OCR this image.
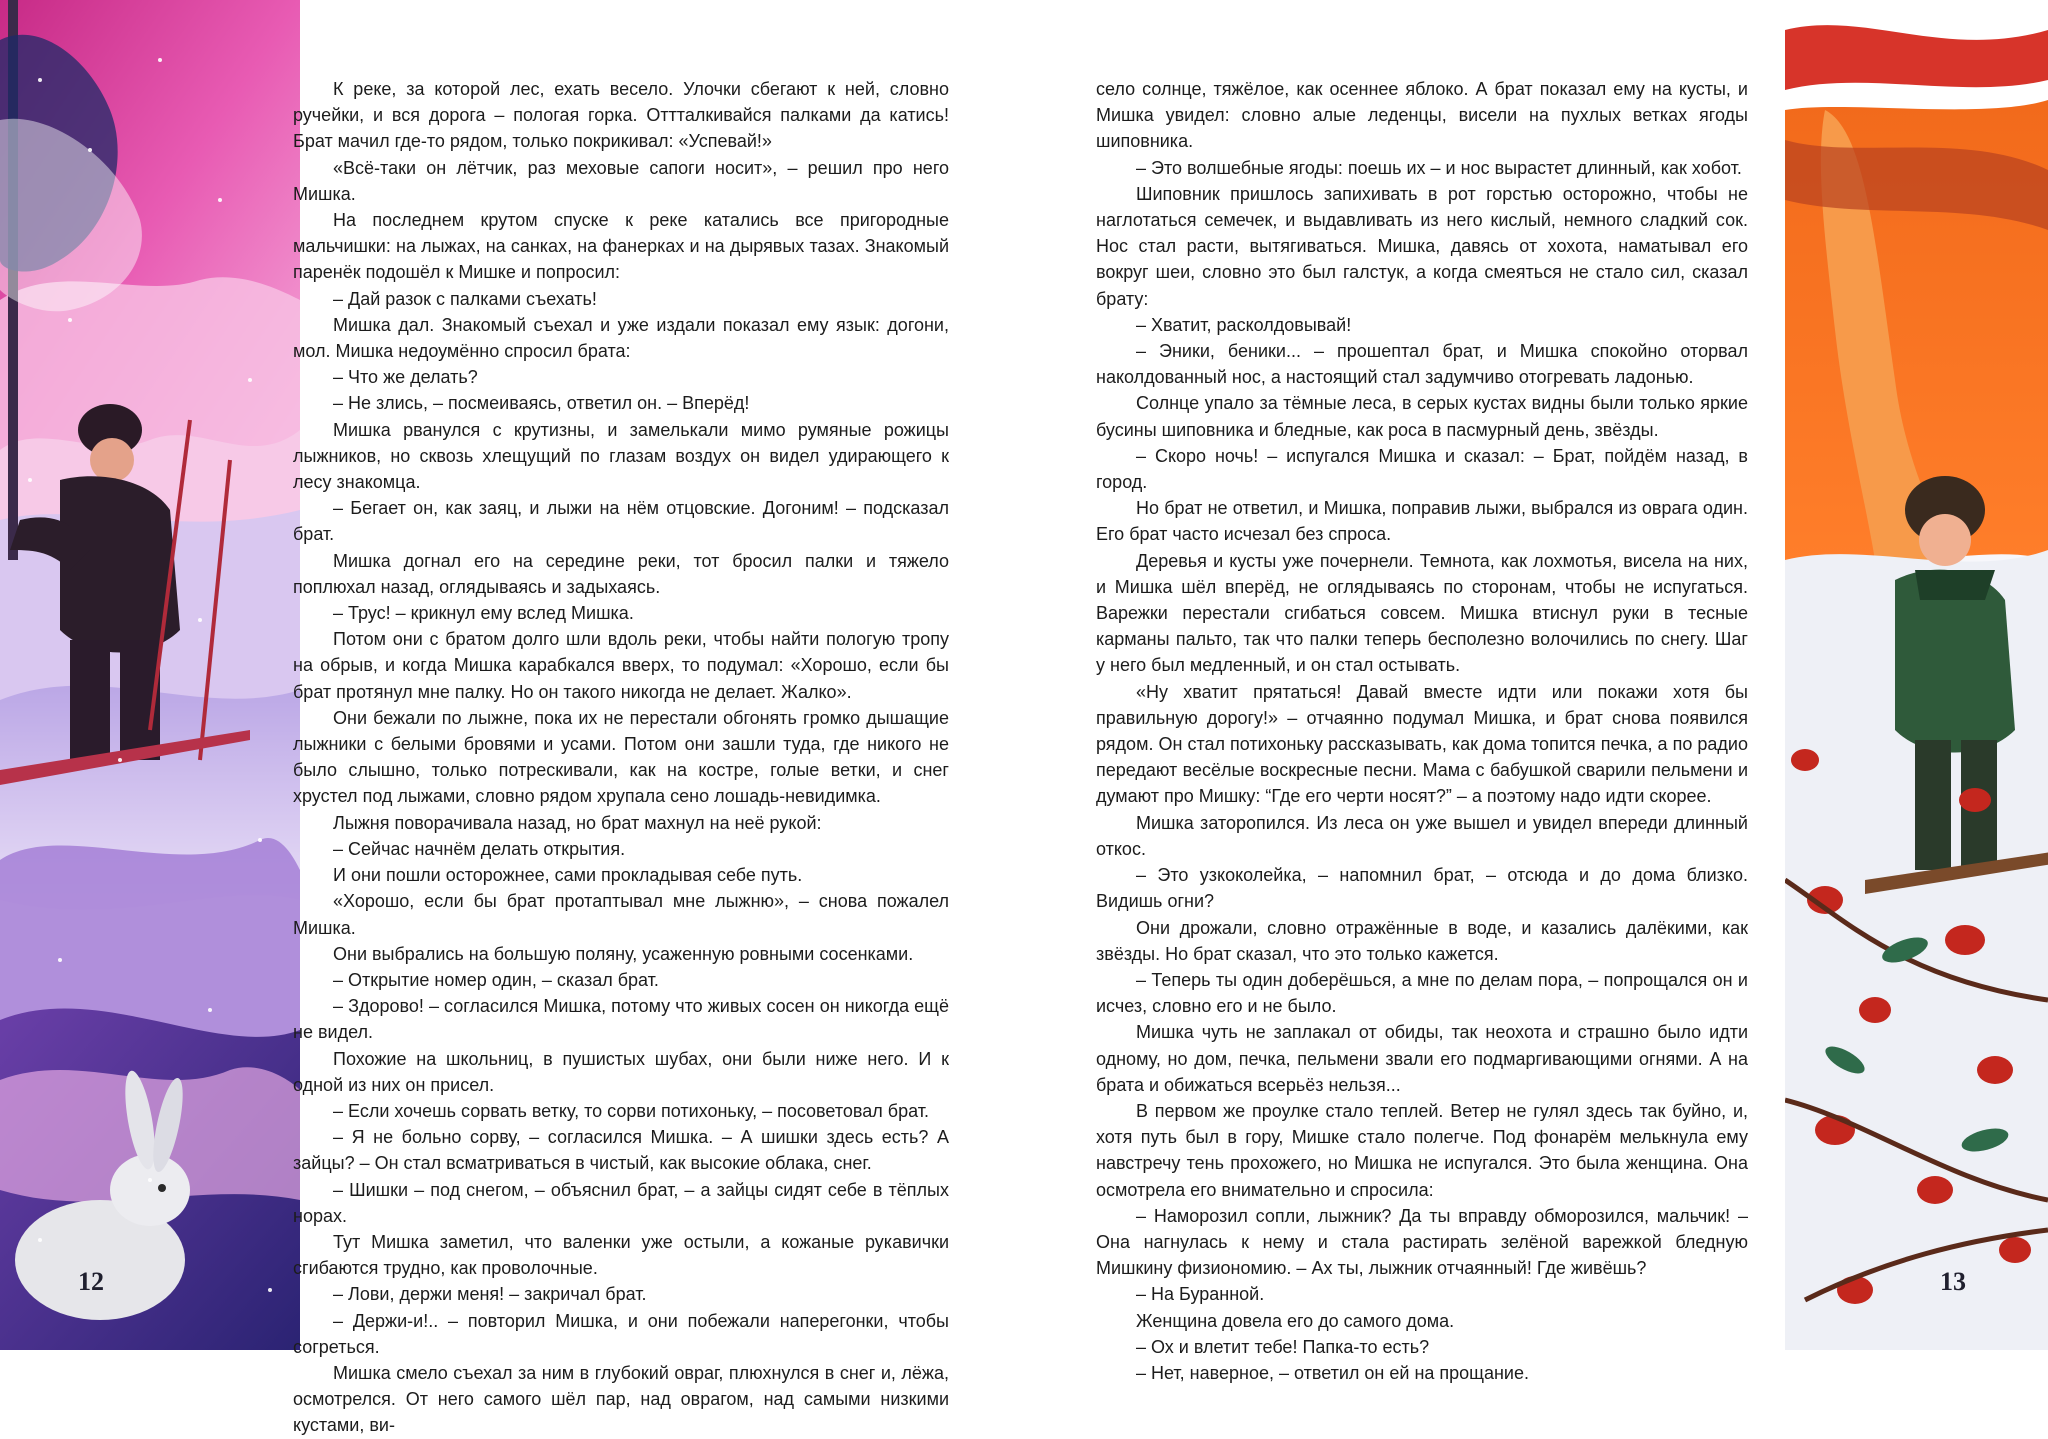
К реке, за которой лес, ехать весело. Улочки сбегают к ней, словно ручейки, и вся дорога – пологая горка. Оттталкивайся палками да катись! Брат мачил где-то рядом, только покрикивал: «Успевай!»

«Всё-таки он лётчик, раз меховые сапоги носит», – решил про него Мишка.

На последнем крутом спуске к реке катались все пригородные мальчишки: на лыжах, на санках, на фанерках и на дырявых тазах. Знакомый паренёк подошёл к Мишке и попросил:

– Дай разок с палками съехать!

Мишка дал. Знакомый съехал и уже издали показал ему язык: догони, мол. Мишка недоумённо спросил брата:

– Что же делать?

– Не злись, – посмеиваясь, ответил он. – Вперёд!

Мишка рванулся с крутизны, и замелькали мимо румяные рожицы лыжников, но сквозь хлещущий по глазам воздух он видел удирающего к лесу знакомца.

– Бегает он, как заяц, и лыжи на нём отцовские. Догоним! – подсказал брат.

Мишка догнал его на середине реки, тот бросил палки и тяжело поплюхал назад, оглядываясь и задыхаясь.

– Трус! – крикнул ему вслед Мишка.

Потом они с братом долго шли вдоль реки, чтобы найти пологую тропу на обрыв, и когда Мишка карабкался вверх, то подумал: «Хорошо, если бы брат протянул мне палку. Но он такого никогда не делает. Жалко».

Они бежали по лыжне, пока их не перестали обгонять громко дышащие лыжники с белыми бровями и усами. Потом они зашли туда, где никого не было слышно, только потрескивали, как на костре, голые ветки, и снег хрустел под лыжами, словно рядом хрупала сено лошадь-невидимка.

Лыжня поворачивала назад, но брат махнул на неё рукой:

– Сейчас начнём делать открытия.

И они пошли осторожнее, сами прокладывая себе путь.

«Хорошо, если бы брат протаптывал мне лыжню», – снова пожалел Мишка.

Они выбрались на большую поляну, усаженную ровными сосенками.

– Открытие номер один, – сказал брат.

– Здорово! – согласился Мишка, потому что живых сосен он никогда ещё не видел.

Похожие на школьниц, в пушистых шубах, они были ниже него. И к одной из них он присел.

– Если хочешь сорвать ветку, то сорви потихоньку, – посоветовал брат.

– Я не больно сорву, – согласился Мишка. – А шишки здесь есть? А зайцы? – Он стал всматриваться в чистый, как высокие облака, снег.

– Шишки – под снегом, – объяснил брат, – а зайцы сидят себе в тёплых норах.

Тут Мишка заметил, что валенки уже остыли, а кожаные рукавички сгибаются трудно, как проволочные.

– Лови, держи меня! – закричал брат.

– Держи-и!.. – повторил Мишка, и они побежали наперегонки, чтобы согреться.

Мишка смело съехал за ним в глубокий овраг, плюхнулся в снег и, лёжа, осмотрелся. От него самого шёл пар, над оврагом, над самыми низкими кустами, ви-

село солнце, тяжёлое, как осеннее яблоко. А брат показал ему на кусты, и Мишка увидел: словно алые леденцы, висели на пухлых ветках ягоды шиповника.

– Это волшебные ягоды: поешь их – и нос вырастет длинный, как хобот.

Шиповник пришлось запихивать в рот горстью осторожно, чтобы не наглотаться семечек, и выдавливать из него кислый, немного сладкий сок. Нос стал расти, вытягиваться. Мишка, давясь от хохота, наматывал его вокруг шеи, словно это был галстук, а когда смеяться не стало сил, сказал брату:

– Хватит, расколдовывай!

– Эники, беники... – прошептал брат, и Мишка спокойно оторвал наколдованный нос, а настоящий стал задумчиво отогревать ладонью.

Солнце упало за тёмные леса, в серых кустах видны были только яркие бусины шиповника и бледные, как роса в пасмурный день, звёзды.

– Скоро ночь! – испугался Мишка и сказал: – Брат, пойдём назад, в город.

Но брат не ответил, и Мишка, поправив лыжи, выбрался из оврага один. Его брат часто исчезал без спроса.

Деревья и кусты уже почернели. Темнота, как лохмотья, висела на них, и Мишка шёл вперёд, не оглядываясь по сторонам, чтобы не испугаться. Варежки перестали сгибаться совсем. Мишка втиснул руки в тесные карманы пальто, так что палки теперь бесполезно волочились по снегу. Шаг у него был медленный, и он стал остывать.

«Ну хватит прятаться! Давай вместе идти или покажи хотя бы правильную дорогу!» – отчаянно подумал Мишка, и брат снова появился рядом. Он стал потихоньку рассказывать, как дома топится печка, а по радио передают весёлые воскресные песни. Мама с бабушкой сварили пельмени и думают про Мишку: “Где его черти носят?” – а поэтому надо идти скорее.

Мишка заторопился. Из леса он уже вышел и увидел впереди длинный откос.

– Это узкоколейка, – напомнил брат, – отсюда и до дома близко. Видишь огни?

Они дрожали, словно отражённые в воде, и казались далёкими, как звёзды. Но брат сказал, что это только кажется.

– Теперь ты один доберёшься, а мне по делам пора, – попрощался он и исчез, словно его и не было.

Мишка чуть не заплакал от обиды, так неохота и страшно было идти одному, но дом, печка, пельмени звали его подмаргивающими огнями. А на брата и обижаться всерьёз нельзя...

В первом же проулке стало теплей. Ветер не гулял здесь так буйно, и, хотя путь был в гору, Мишке стало полегче. Под фонарём мелькнула ему навстречу тень прохожего, но Мишка не испугался. Это была женщина. Она осмотрела его внимательно и спросила:

– Наморозил сопли, лыжник? Да ты вправду обморозился, мальчик! – Она нагнулась к нему и стала растирать зелёной варежкой бледную Мишкину физиономию. – Ах ты, лыжник отчаянный! Где живёшь?

– На Буранной.

Женщина довела его до самого дома.

– Ох и влетит тебе! Папка-то есть?

– Нет, наверное, – ответил он ей на прощание.

12	13
